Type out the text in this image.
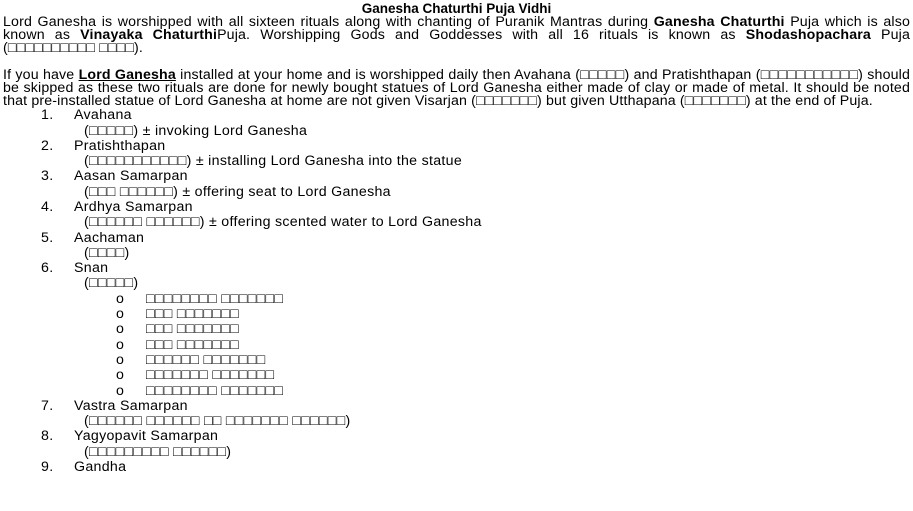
Ganesha Chaturthi Puja Vidhi

Lord Ganesha is worshipped with all sixteen rituals along with chanting of Puranik Mantras during Ganesha Chaturthi Puja which is also known as Vinayaka ChaturthiPuja. Worshipping Gods and Goddesses with all 16 rituals is known as Shodashopachara Puja (□□□□□□□□□□ □□□□).

If you have Lord Ganesha installed at your home and is worshipped daily then Avahana (□□□□□) and Pratishthapan (□□□□□□□□□□□) should be skipped as these two rituals are done for newly bought statues of Lord Ganesha either made of clay or made of metal. It should be noted that pre-installed statue of Lord Ganesha at home are not given Visarjan (□□□□□□□) but given Utthapana (□□□□□□□) at the end of Puja.

1. Avahana
(□□□□□) ± invoking Lord Ganesha
2. Pratishthapan
(□□□□□□□□□□□) ± installing Lord Ganesha into the statue
3. Aasan Samarpan
(□□□ □□□□□□) ± offering seat to Lord Ganesha
4. Ardhya Samarpan
(□□□□□□ □□□□□□) ± offering scented water to Lord Ganesha
5. Aachaman
(□□□□)
6. Snan
(□□□□□)
o □□□□□□□□ □□□□□□□
o □□□ □□□□□□□
o □□□ □□□□□□□
o □□□ □□□□□□□
o □□□□□□ □□□□□□□
o □□□□□□□ □□□□□□□
o □□□□□□□□ □□□□□□□
7. Vastra Samarpan
(□□□□□□ □□□□□□ □□ □□□□□□□ □□□□□□)
8. Yagyopavit Samarpan
(□□□□□□□□□ □□□□□□)
9. Gandha
